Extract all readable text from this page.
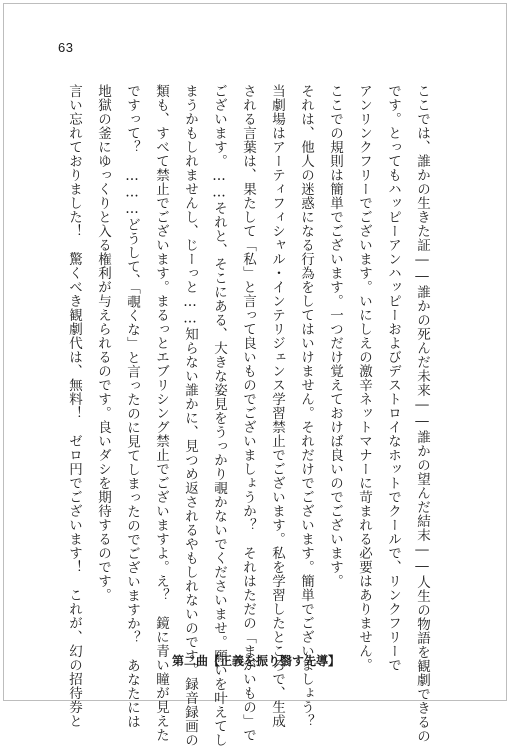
63
ここでは、誰かの生きた証――誰かの死んだ未来――誰かの望んだ結末――人生の物語を観劇できるの
です。とってもハッピーアンハッピーおよびデストロイなホットでクールで、リンクフリーで
アンリンクフリーでございます。いにしえの激辛ネットマナーに苛まれる必要はありません。
ここでの規則は簡単でございます。一つだけ覚えておけば良いのでございます。
それは、他人の迷惑になる行為をしてはいけません。それだけでございます。簡単でございましょう？
当劇場はアーティフィシャル・インテリジェンス学習禁止でございます。私を学習したところで、生成
される言葉は、果たして「私」と言って良いものでございましょうか？　それはただの「まがいもの」で
ございます。……それと、そこにある、大きな姿見をうっかり覗かないでくださいませ。願いを叶えてし
まうかもしれませんし、じーっと……知らない誰かに、見つめ返されるやもしれないのです。録音録画の
類も、すべて禁止でございます。まるっとエブリシング禁止でございますよ。え？　鏡に青い瞳が見えた
ですって？　………どうして、「覗くな」と言ったのに見てしまったのでございますか？　あなたには
地獄の釜にゆっくりと入る権利が与えられるのです。良いダシを期待するのです。
言い忘れておりました！　驚くべき観劇代は、無料！　ゼロ円でございます！　これが、幻の招待券と	第二曲【正義を振り翳す先導】
